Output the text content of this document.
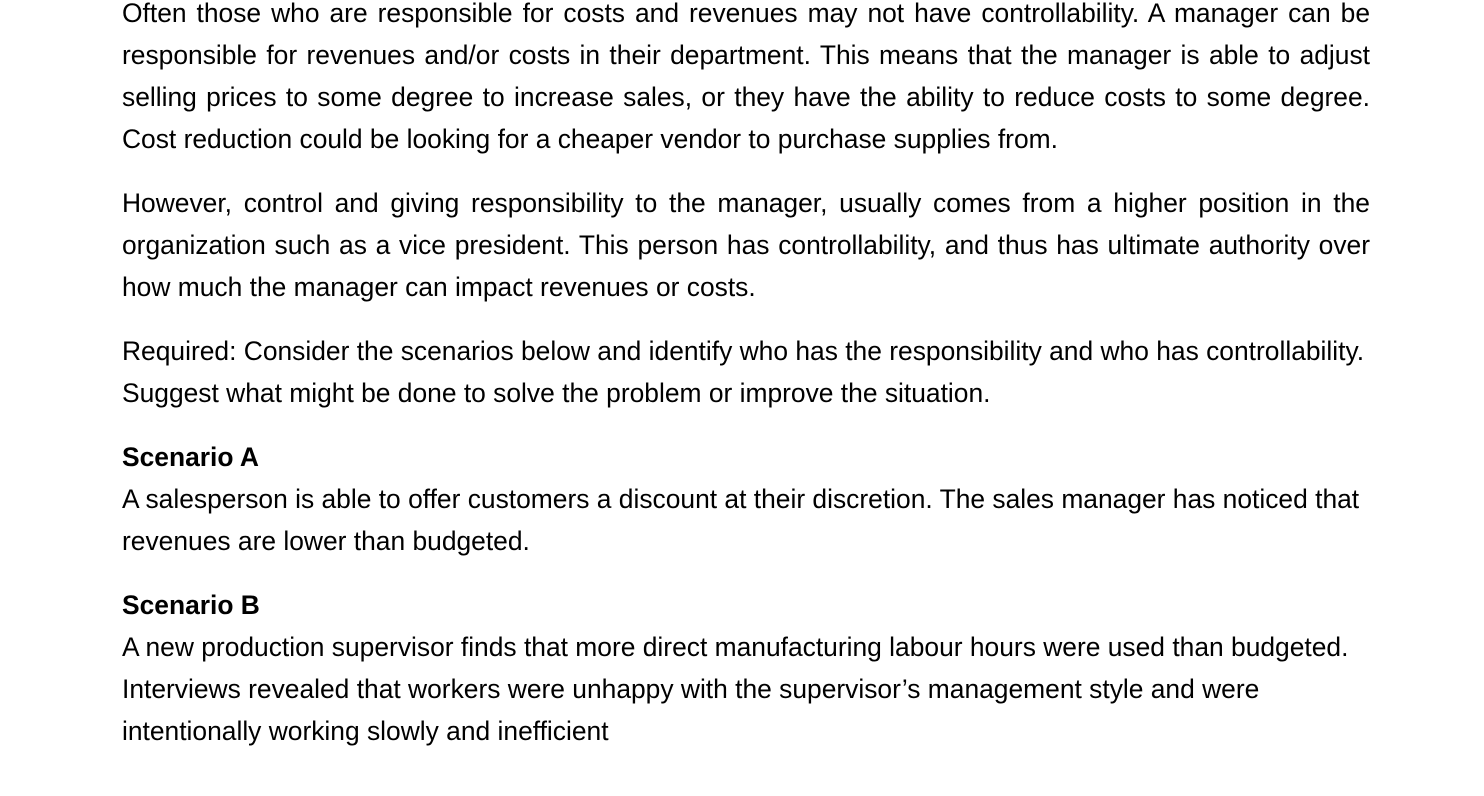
Often those who are responsible for costs and revenues may not have controllability. A manager can be responsible for revenues and/or costs in their department. This means that the manager is able to adjust selling prices to some degree to increase sales, or they have the ability to reduce costs to some degree. Cost reduction could be looking for a cheaper vendor to purchase supplies from.

However, control and giving responsibility to the manager, usually comes from a higher position in the organization such as a vice president. This person has controllability, and thus has ultimate authority over how much the manager can impact revenues or costs.

Required: Consider the scenarios below and identify who has the responsibility and who has controllability. Suggest what might be done to solve the problem or improve the situation.

Scenario A

A salesperson is able to offer customers a discount at their discretion. The sales manager has noticed that revenues are lower than budgeted.

Scenario B

A new production supervisor finds that more direct manufacturing labour hours were used than budgeted. Interviews revealed that workers were unhappy with the supervisor’s management style and were intentionally working slowly and inefficient
